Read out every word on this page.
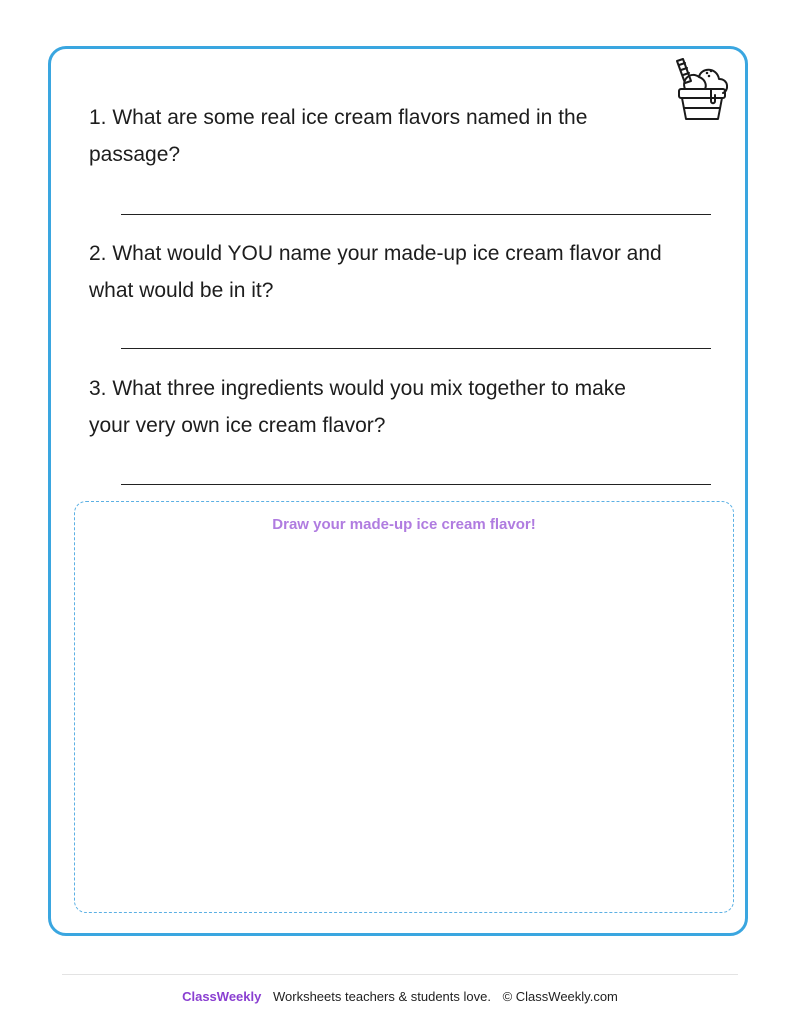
1. What are some real ice cream flavors named in the passage?
2. What would YOU name your made-up ice cream flavor and what would be in it?
3. What three ingredients would you mix together to make your very own ice cream flavor?
Draw your made-up ice cream flavor!
ClassWeekly Worksheets teachers & students love. © ClassWeekly.com
